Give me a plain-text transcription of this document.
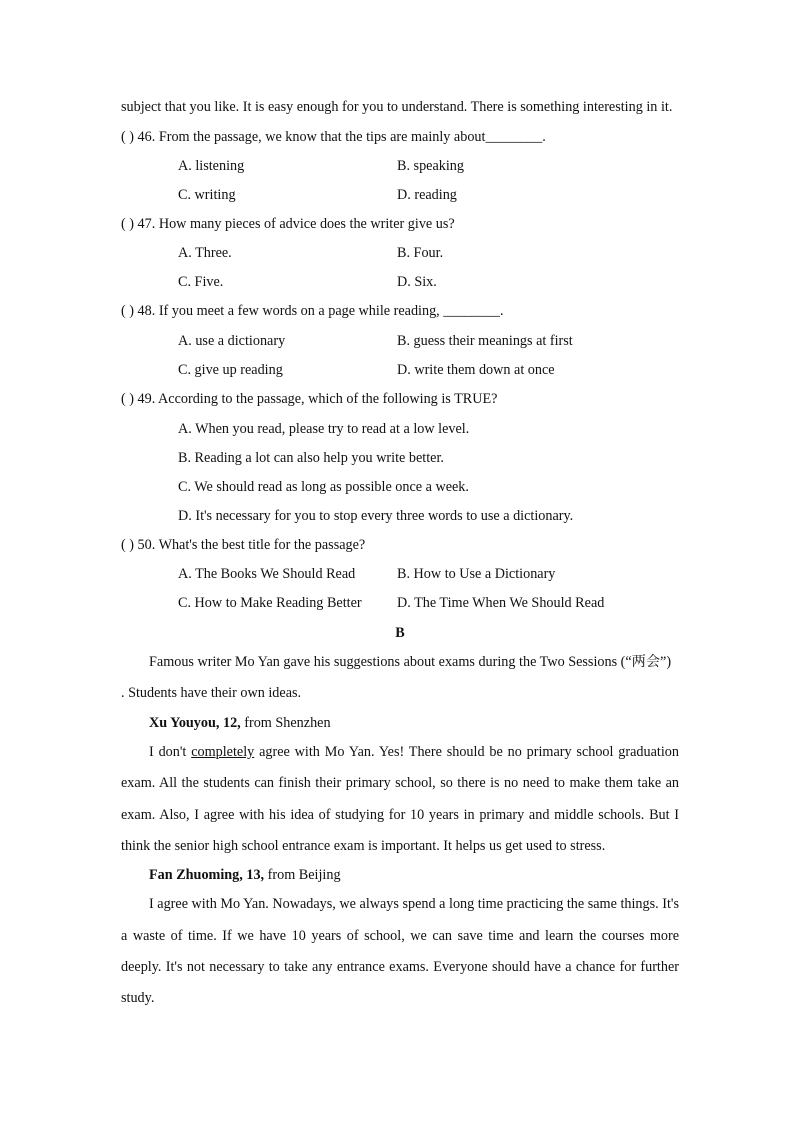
subject that you like. It is easy enough for you to understand. There is something interesting in it.
( ) 46. From the passage, we know that the tips are mainly about________.
A. listening	B. speaking
C. writing	D. reading
( ) 47. How many pieces of advice does the writer give us?
A. Three.	B. Four.
C. Five.	D. Six.
( ) 48. If you meet a few words on a page while reading, ________.
A. use a dictionary	B. guess their meanings at first
C. give up reading	D. write them down at once
( ) 49. According to the passage, which of the following is TRUE?
A. When you read, please try to read at a low level.
B. Reading a lot can also help you write better.
C. We should read as long as possible once a week.
D. It's necessary for you to stop every three words to use a dictionary.
( ) 50. What's the best title for the passage?
A. The Books We Should Read	B. How to Use a Dictionary
C. How to Make Reading Better D. The Time When We Should Read
B
Famous writer Mo Yan gave his suggestions about exams during the Two Sessions (“两会”)
. Students have their own ideas.
Xu Youyou, 12, from Shenzhen
I don't completely agree with Mo Yan. Yes! There should be no primary school graduation
exam. All the students can finish their primary school, so there is no need to make them take an
exam. Also, I agree with his idea of studying for 10 years in primary and middle schools. But I
think the senior high school entrance exam is important. It helps us get used to stress.
Fan Zhuoming, 13, from Beijing
I agree with Mo Yan. Nowadays, we always spend a long time practicing the same things. It's
a waste of time. If we have 10 years of school, we can save time and learn the courses more
deeply. It's not necessary to take any entrance exams. Everyone should have a chance for further
study.
